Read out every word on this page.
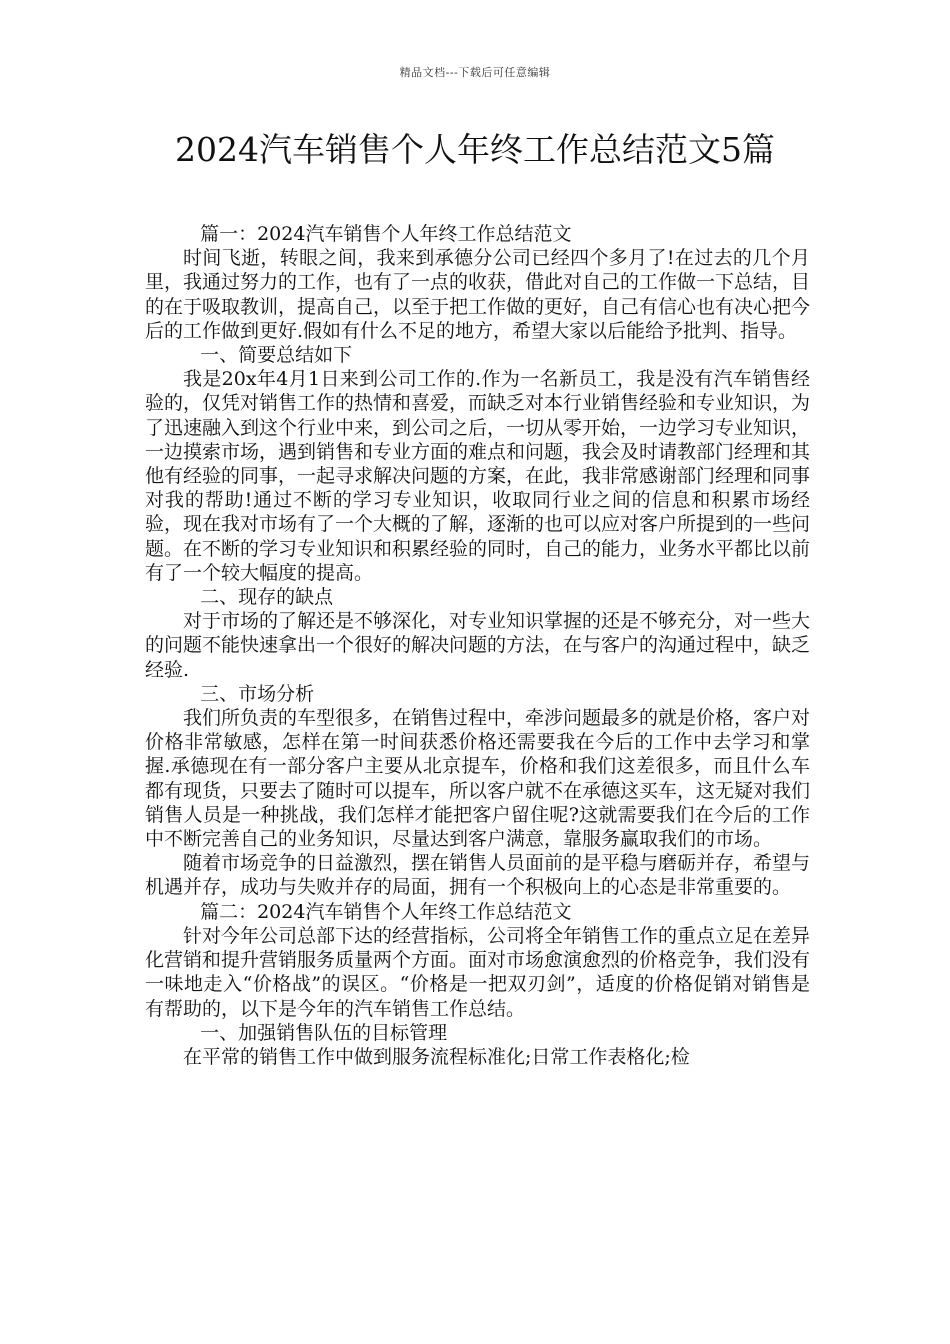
精品文档---下载后可任意编辑
2024汽车销售个人年终工作总结范文5篇

篇一：2024汽车销售个人年终工作总结范文

时间飞逝，转眼之间，我来到承德分公司已经四个多月了!在过去的几个月里，我通过努力的工作，也有了一点的收获，借此对自己的工作做一下总结，目的在于吸取教训，提高自己，以至于把工作做的更好，自己有信心也有决心把今后的工作做到更好.假如有什么不足的地方，希望大家以后能给予批判、指导。

一、简要总结如下

我是20x年4月1日来到公司工作的.作为一名新员工，我是没有汽车销售经验的，仅凭对销售工作的热情和喜爱，而缺乏对本行业销售经验和专业知识，为了迅速融入到这个行业中来，到公司之后，一切从零开始，一边学习专业知识，一边摸索市场，遇到销售和专业方面的难点和问题，我会及时请教部门经理和其他有经验的同事，一起寻求解决问题的方案，在此，我非常感谢部门经理和同事对我的帮助!通过不断的学习专业知识，收取同行业之间的信息和积累市场经验，现在我对市场有了一个大概的了解，逐渐的也可以应对客户所提到的一些问题。在不断的学习专业知识和积累经验的同时，自己的能力，业务水平都比以前有了一个较大幅度的提高。

二、现存的缺点

对于市场的了解还是不够深化，对专业知识掌握的还是不够充分，对一些大的问题不能快速拿出一个很好的解决问题的方法，在与客户的沟通过程中，缺乏经验.

三、市场分析

我们所负责的车型很多，在销售过程中，牵涉问题最多的就是价格，客户对价格非常敏感，怎样在第一时间获悉价格还需要我在今后的工作中去学习和掌握.承德现在有一部分客户主要从北京提车，价格和我们这差很多，而且什么车都有现货，只要去了随时可以提车，所以客户就不在承德这买车，这无疑对我们销售人员是一种挑战，我们怎样才能把客户留住呢?这就需要我们在今后的工作中不断完善自己的业务知识，尽量达到客户满意，靠服务赢取我们的市场。

随着市场竞争的日益激烈，摆在销售人员面前的是平稳与磨砺并存，希望与机遇并存，成功与失败并存的局面，拥有一个积极向上的心态是非常重要的。

篇二：2024汽车销售个人年终工作总结范文

针对今年公司总部下达的经营指标，公司将全年销售工作的重点立足在差异化营销和提升营销服务质量两个方面。面对市场愈演愈烈的价格竞争，我们没有一味地走入“价格战”的误区。“价格是一把双刃剑”，适度的价格促销对销售是有帮助的，以下是今年的汽车销售工作总结。

一、加强销售队伍的目标管理

在平常的销售工作中做到服务流程标准化;日常工作表格化;检
